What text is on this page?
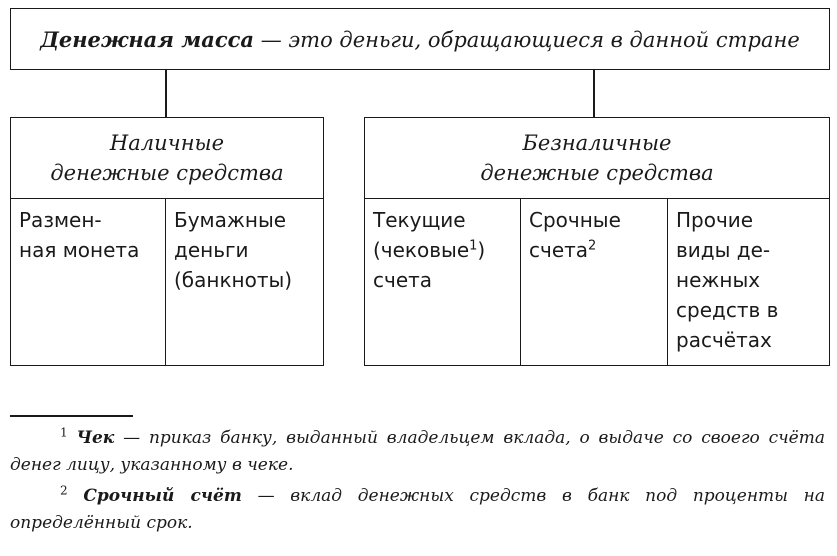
Денежная масса — это деньги, обращающиеся в данной стране
Наличные
денежные средства
Размен-
ная монета
Бумажные
деньги
(банкноты)
Безналичные
денежные средства
Текущие
(чековые$^1$)
счета
Срочные
счета$^2$
Прочие
виды де-
нежных
средств в
расчётах

$^1$ Чек — приказ банку, выданный владельцем вклада, о выдаче со своего счёта денег лицу, указанному в чеке.

$^2$ Срочный счёт — вклад денежных средств в банк под проценты на определённый срок.
